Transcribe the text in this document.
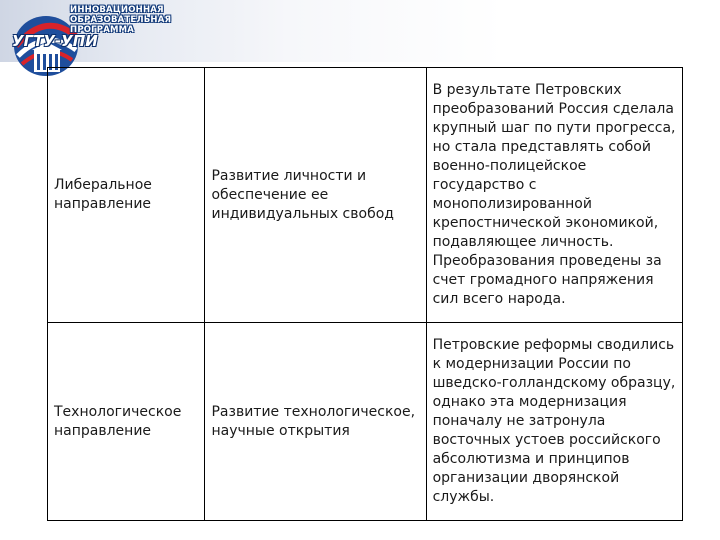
УГТУ-УПИ
ИННОВАЦИОННАЯ
ОБРАЗОВАТЕЛЬНАЯ
ПРОГРАММА
Либеральное направление	Развитие личности и обеспечение ее индивидуальных свобод	В результате Петровских преобразований Россия сделала крупный шаг по пути прогресса, но стала представлять собой военно-полицейское государство с монополизированной крепостнической экономикой, подавляющее личность. Преобразования проведены за счет громадного напряжения сил всего народа.
Технологическое направление	Развитие технологическое, научные открытия	Петровские реформы сводились к модернизации России по шведско-голландскому образцу, однако эта модернизация поначалу не затронула восточных устоев российского абсолютизма и принципов организации дворянской службы.
